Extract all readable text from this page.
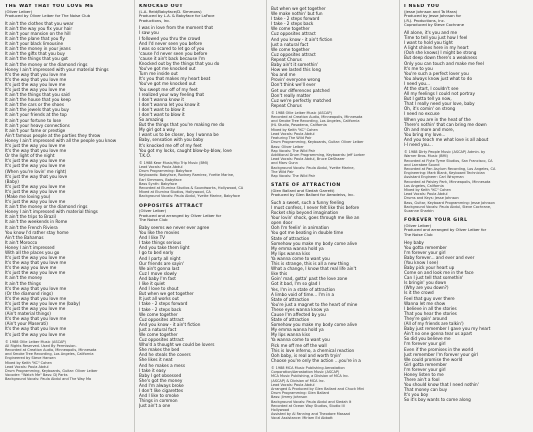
THE WAY THAT YOU LOVE ME
(Oliver Leiber)
Produced by Oliver Leiber for The Noise Club
It ain't the clothes that you wear
It ain't the way you fix your hair
It ain't your mansion on the hill
It ain't the plane that you fly
It ain't your black limousine
It ain't the money in your jeans
It ain't the gifts that you buy
It ain't the things that you got
It ain't the money or the diamond rings
Honey I ain't impressed with your material things
It's the way that you love me
It's the way that you love me
It's just the way you love me
It's just the way you love me
It ain't the things that you said
It ain't the house that you keep
It ain't the cars or the shoes
It ain't the jewels that you buy
It ain't your friends at the top
It ain't your fortune to lose
It ain't your heavy connections
It ain't your fame or prestige
Ain't famous people at the parties they throw
Honey I ain't impressed with all the people you know
It's just the way you love me
It's the way that you love me
Or the light of the night
It's just the way you love me
It's just the way you love me
(When you're lovin' me right)
It's just the way that you love
(Baby)
It's just the way you love me
It's just the way you love me
(Make me loving you)
It's just the way you love me
It ain't the money or the diamond rings
Honey I ain't impressed with material things
It ain't the trips to Brazil
It ain't the weekends in Rome
It ain't the French Riviera
You know I'd rather stay home
Ain't the Bahamas
It ain't Morocco
Honey I ain't impressed
With all the places you go
It's just the way you love me
It's the way that you love me
It's the way you love me
It's just the way you love me
It ain't the money
It ain't the things
It's the way that you love me
(Or the diamond rings)
It's the way that you love me
It's just the way you love me (baby)
It's just the way you love me
(Ain't material things)
It's the way that you love me
(Ain't your Maserati)
It's the way that you love me
It's just the way you love me
© 1988 Ollie Leiber Music (ASCAP)
All Rights Reserved. Used By Permission.
Recorded at Creation Audio, Minneapolis, Minnesota
and Smoke Tree Recording, Los Angeles, California
Engineered by Steve Hansen
Mixed by Keith "KC" Cohen
Lead Vocals: Paula Abdul
Drum Programming, Keyboards, Guitar: Oliver Leiber
Vocoder: "Watch Me" Bass: Dj Parks
Background Vocals: Paula Abdul and The Way Mo
KNOCKED OUT
(L.A. Reid/Babyface/D. Simmons)
Produced by L.A. & Babyface for LaFace
Productions, Inc.
I was in love from the moment that
I saw you
I followed you thru the crowd
And I'd never seen you before
I was so scared to let go of you
'cause I'd never seen you before
'cause it ain't back because I'm
Knocked out by the things that you do
You've got me knocked out
Turn me inside out
It's you that makes my heart beat
You've got me knocked out
You swept me off of my feet
I realized your way feeling that
I don't wanna know it
I don't wanna let you know it
I don't want to blow it
I don't want to blow it
So amazing
But the things that you're making me do
My girl got a way
I want us to be closer, boy I wanna be
Baby, sensation with you baby
It's knocked me off of my feet
You got my locks, caught blow-by-blow, love
T.K.O.
© 1988 Kear Music/Hip Trip Music (BMI)
Lead Vocals: Paula Abdul
Drum Programming: Babyface
Keyboards: Babyface, Rodney Ramirez, Yvette Marine,
Earl Simmons, Babyface
Bass Synth: Babyface
Recorded at Elumina Studios & Soundworks, Hollywood, CA
Mixed at Elumina Studios, Hollywood, CA
Background Vocals: Paula Abdul, Yvette Marine, Babyface
OPPOSITES ATTRACT
(Oliver Leiber)
Produced and arranged by Oliver Leiber for
The Noise Club
Baby seems we never ever agree
You like the movies
And I like TV
I take things serious
And you take them light
I go to bed early
And I party all night
Our friends are sayin'
We ain't gonna last
Cuz I move slowly
And baby I'm fast
I like it quiet
And I love to shout
But when we get together
It just all works out
I take - 2 steps forward
I take - 2 steps back
We come together
Cuz opposites attract
And you know - it ain't fiction
Just a natural fact
We come together
Cuz opposites attract
Who'd a thought we could be lovers
She makes the bed
And he steals the covers
She likes it neat
And he makes a mess
I take it easy
Baby I get obsessed
She's got the money
And I'm always broke
I don't like cigarettes
And I like to smoke
Things in common
Just ain't a one
But when we get together
We make nothin' but fun
I take - 2 steps forward
I take - 2 steps back
We come together
Cuz opposites attract
And you know - it ain't fiction
Just a natural fact
We come together
Cuz opposites attract
Repeat Chorus
Baby ain't it somethin'
How we lasted this long
You and me
Provin' everyone wrong
Don't think we'll ever
Get our differences patched
Don't really matter
Cuz we're perfectly matched
Repeat Chorus
© 1988 Ollie Leiber Music (ASCAP)
Recorded at Creation Audio, Minneapolis, Minnesota
and Smoke Tree Recording, Los Angeles, California
JHL Studio, Pasadena, California
Mixed by Keith "KC" Cohen
Lead Vocals: Paula Abdul
Featuring The Wild Pair
Drum Programming, Keyboards, Guitar: Oliver Leiber
Bass: Oliver Leiber
Rap Vocals: The Wild Pair
Additional Drum Programming, Keyboards: Jeff Lorber
Lead Vocals: Paula Abdul, Bruce DeShazer
and Marv Gunn
Background Vocals: Paula Abdul, Yvette Marine,
The Wild Pair
Rap Vocals: The Wild Pair
STATE OF ATTRACTION
(Glen Ballard and Siedah Garrett)
Produced by Glen Ballard for Aerodeivs, Inc.
Such a sweet, such a funny feeling
I must confess, I never felt like this before
Rocket ship beyond imagination
Your lovin' shock, goes through me like an
open door
Ooh I'm feelin' in animation
You got me beating in double time
State of attraction
Somehow you make my body come alive
My emma wanna hold ya
My lips wanna kiss
Ya wanna come to want you
This is strange, this is all a new thing
What a change, I know that real life ain't
like this
Goin' mad, gotta' past the love zone
Got it bad, I'm so glad I
Yes, I'm in a state of attraction
A limbo void of time... I'm in a
State of attraction
You're just a magnet to the heart of mine
These eyes wanna know ya
Cause I'm affected by you
State of attraction
Somehow you make my body come alive
My emma wanna hold ya
My lips wanna kiss
Ya wanna come to want you
Pick me off me off the wall
This is love inferno, a chemical reaction
Ooh baby, is real and worth tryin'
Choose you're only the action ...you're in a
© 1988 MCA Music Publishing Aerostation
Corporation/Aerostation Music (ASCAP)
MCA Music Publishing, a Division of MCA Inc.
(ASCAP) & Division of MCA Inc.
Lead Vocals: Paula Abdul
Arranged & Produced by Glen Ballard and Chuck Mini
Drum Programming: Glen Ballard
Bass: Jimmy Johnson
Background Vocals: Paula Abdul and Siedah It
Recorded at Ocean Way Studios, Studio III
Hollywood
Assisted by Al Fanning and Theodore Massad
Vocal Assistance: Miriam Ed Abbott
I NEED YOU
(Jesse Johnson and Ta Mara)
Produced by Jesse Johnson for
J.R.J. Productions, Inc.
Coproduced by Steve Cochrane
All alone, it's you and me
Time to tell you just how I feel
I want to hold you tight
A light shines here in my heart
(Ooh she knows) I might be strong
But deep down there's a weakness
Only you can touch and make me feel
It's me to you
You're such a perfect lover you
You always know just what to do
I need you...
At the start, I couldn't see
All my feelings I could not portray
But I gotta tell ya now,
That I really need your love, baby
Oh, it's comin' on strong
I need no excuse
When you are in the heat of the
There's nothin' that can bring me down
Oh and more and more,
You bring my love...
And you teach me what love is all about
I-I need you...
© 1988 Dirty People Music (ASCAP) Admin. by
Warner Bros. Music (BMI)
Recorded at Flyte Tyme Studios, San Francisco, CA
and Larrabee Sound
Recorded at Pan Asylum Recording, Los Angeles, CA
Engineering: Mark Blank, Keyboard Technician
Assistant Engineer: Carl Wrayman
Recorded at Paisley Park, Minneapolis, Minnesota
Los Angeles, California
Mixed by Keith "KC" Cohen
Lead Vocals: Paula Abdul
Drums and Keys: Jesse Johnson
Bass, Guitar, Keyboard Programming: Jesse Johnson
Background Vocals: Paula Abdul, Steve Cochrane,
Suzanne Sharbin
FOREVER YOUR GIRL
(Oliver Leiber)
Produced and arranged by Oliver Leiber for
The Noise Club
Hey baby
You gotta remember
I'm forever your girl
Baby forever... and ever and ever
(You know I see)
Baby pick your heart up
Come on and look me in the face
Can I just tell that somethin'
Is bringin' you down
(Why are you down?)
Is it the crowd
Feel that guy over there
Wanna let me show
I believe in all the stories
That you hear the stories
They're goin' around
(All of my friends are talkin')
Baby just remember I gave you my heart
Ain't no one gonna tear us apart
So did you believe me
I'm forever your girl
Even if the promises in the world
Just remember I'm forever your girl
We could promise the world
Girl gotta remember
I'm forever your girl
Honey listen to me
There ain't a fool
You should know that I need nothin'
That money can buy
It's you boy
So it's boy wants to come along
